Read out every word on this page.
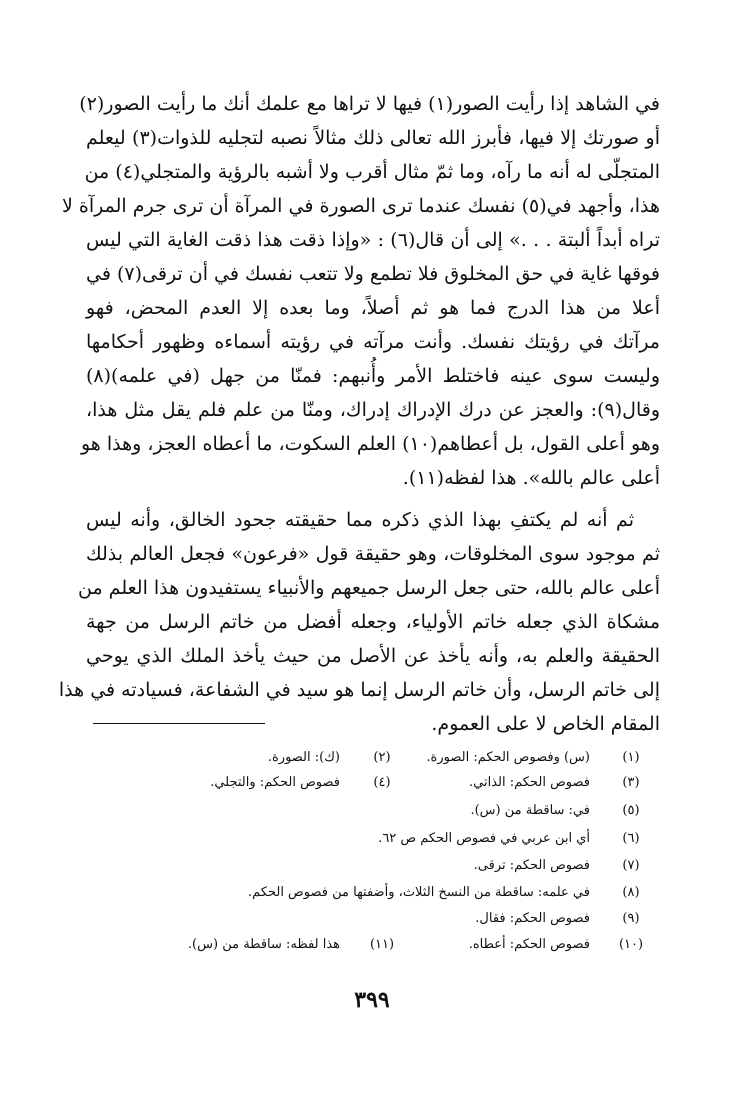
في الشاهد إذا رأيت الصور(١) فيها لا تراها مع علمك أنك ما رأيت الصور(٢)
أو صورتك إلا فيها، فأبرز الله تعالى ذلك مثالاً نصبه لتجليه للذوات(٣) ليعلم
المتجلّى له أنه ما رآه، وما ثمّ مثال أقرب ولا أشبه بالرؤية والمتجلي(٤) من
هذا، وأجهد في(٥) نفسك عندما ترى الصورة في المرآة أن ترى جرم المرآة لا
تراه أبداً ألبتة . . .» إلى أن قال(٦) : «وإذا ذقت هذا ذقت الغاية التي ليس
فوقها غاية في حق المخلوق فلا تطمع ولا تتعب نفسك في أن ترقى(٧) في
أعلا من هذا الدرج فما هو ثم أصلاً، وما بعده إلا العدم المحض، فهو
مرآتك في رؤيتك نفسك. وأنت مرآته في رؤيته أسماءه وظهور أحكامها
وليست سوى عينه فاختلط الأمر وأُنبهم: فمنّا من جهل (في علمه)(٨)
وقال(٩): والعجز عن درك الإدراك إدراك، ومنّا من علم فلم يقل مثل هذا،
وهو أعلى القول، بل أعطاهم(١٠) العلم السكوت، ما أعطاه العجز، وهذا هو
أعلى عالم بالله». هذا لفظه(١١).
ثم أنه لم يكتفِ بهذا الذي ذكره مما حقيقته جحود الخالق، وأنه ليس
ثم موجود سوى المخلوقات، وهو حقيقة قول «فرعون» فجعل العالم بذلك
أعلى عالم بالله، حتى جعل الرسل جميعهم والأنبياء يستفيدون هذا العلم من
مشكاة الذي جعله خاتم الأولياء، وجعله أفضل من خاتم الرسل من جهة
الحقيقة والعلم به، وأنه يأخذ عن الأصل من حيث يأخذ الملك الذي يوحي
إلى خاتم الرسل، وأن خاتم الرسل إنما هو سيد في الشفاعة، فسيادته في هذا
المقام الخاص لا على العموم.
(١)
(س) وفصوص الحكم: الصورة.
(٢)
(ك): الصورة.
(٣)
فصوص الحكم: الذاتي.
(٤)
فصوص الحكم: والتجلي.
(٥)
في: ساقطة من (س).
(٦)
أي ابن عربي في فصوص الحكم ص ٦٢.
(٧)
فصوص الحكم: ترقى.
(٨)
في علمه: ساقطة من النسخ الثلاث، وأضفتها من فصوص الحكم.
(٩)
فصوص الحكم: فقال.
(١٠)
فصوص الحكم: أعطاه.
(١١)
هذا لفظه: ساقطة من (س).
٣٩٩
